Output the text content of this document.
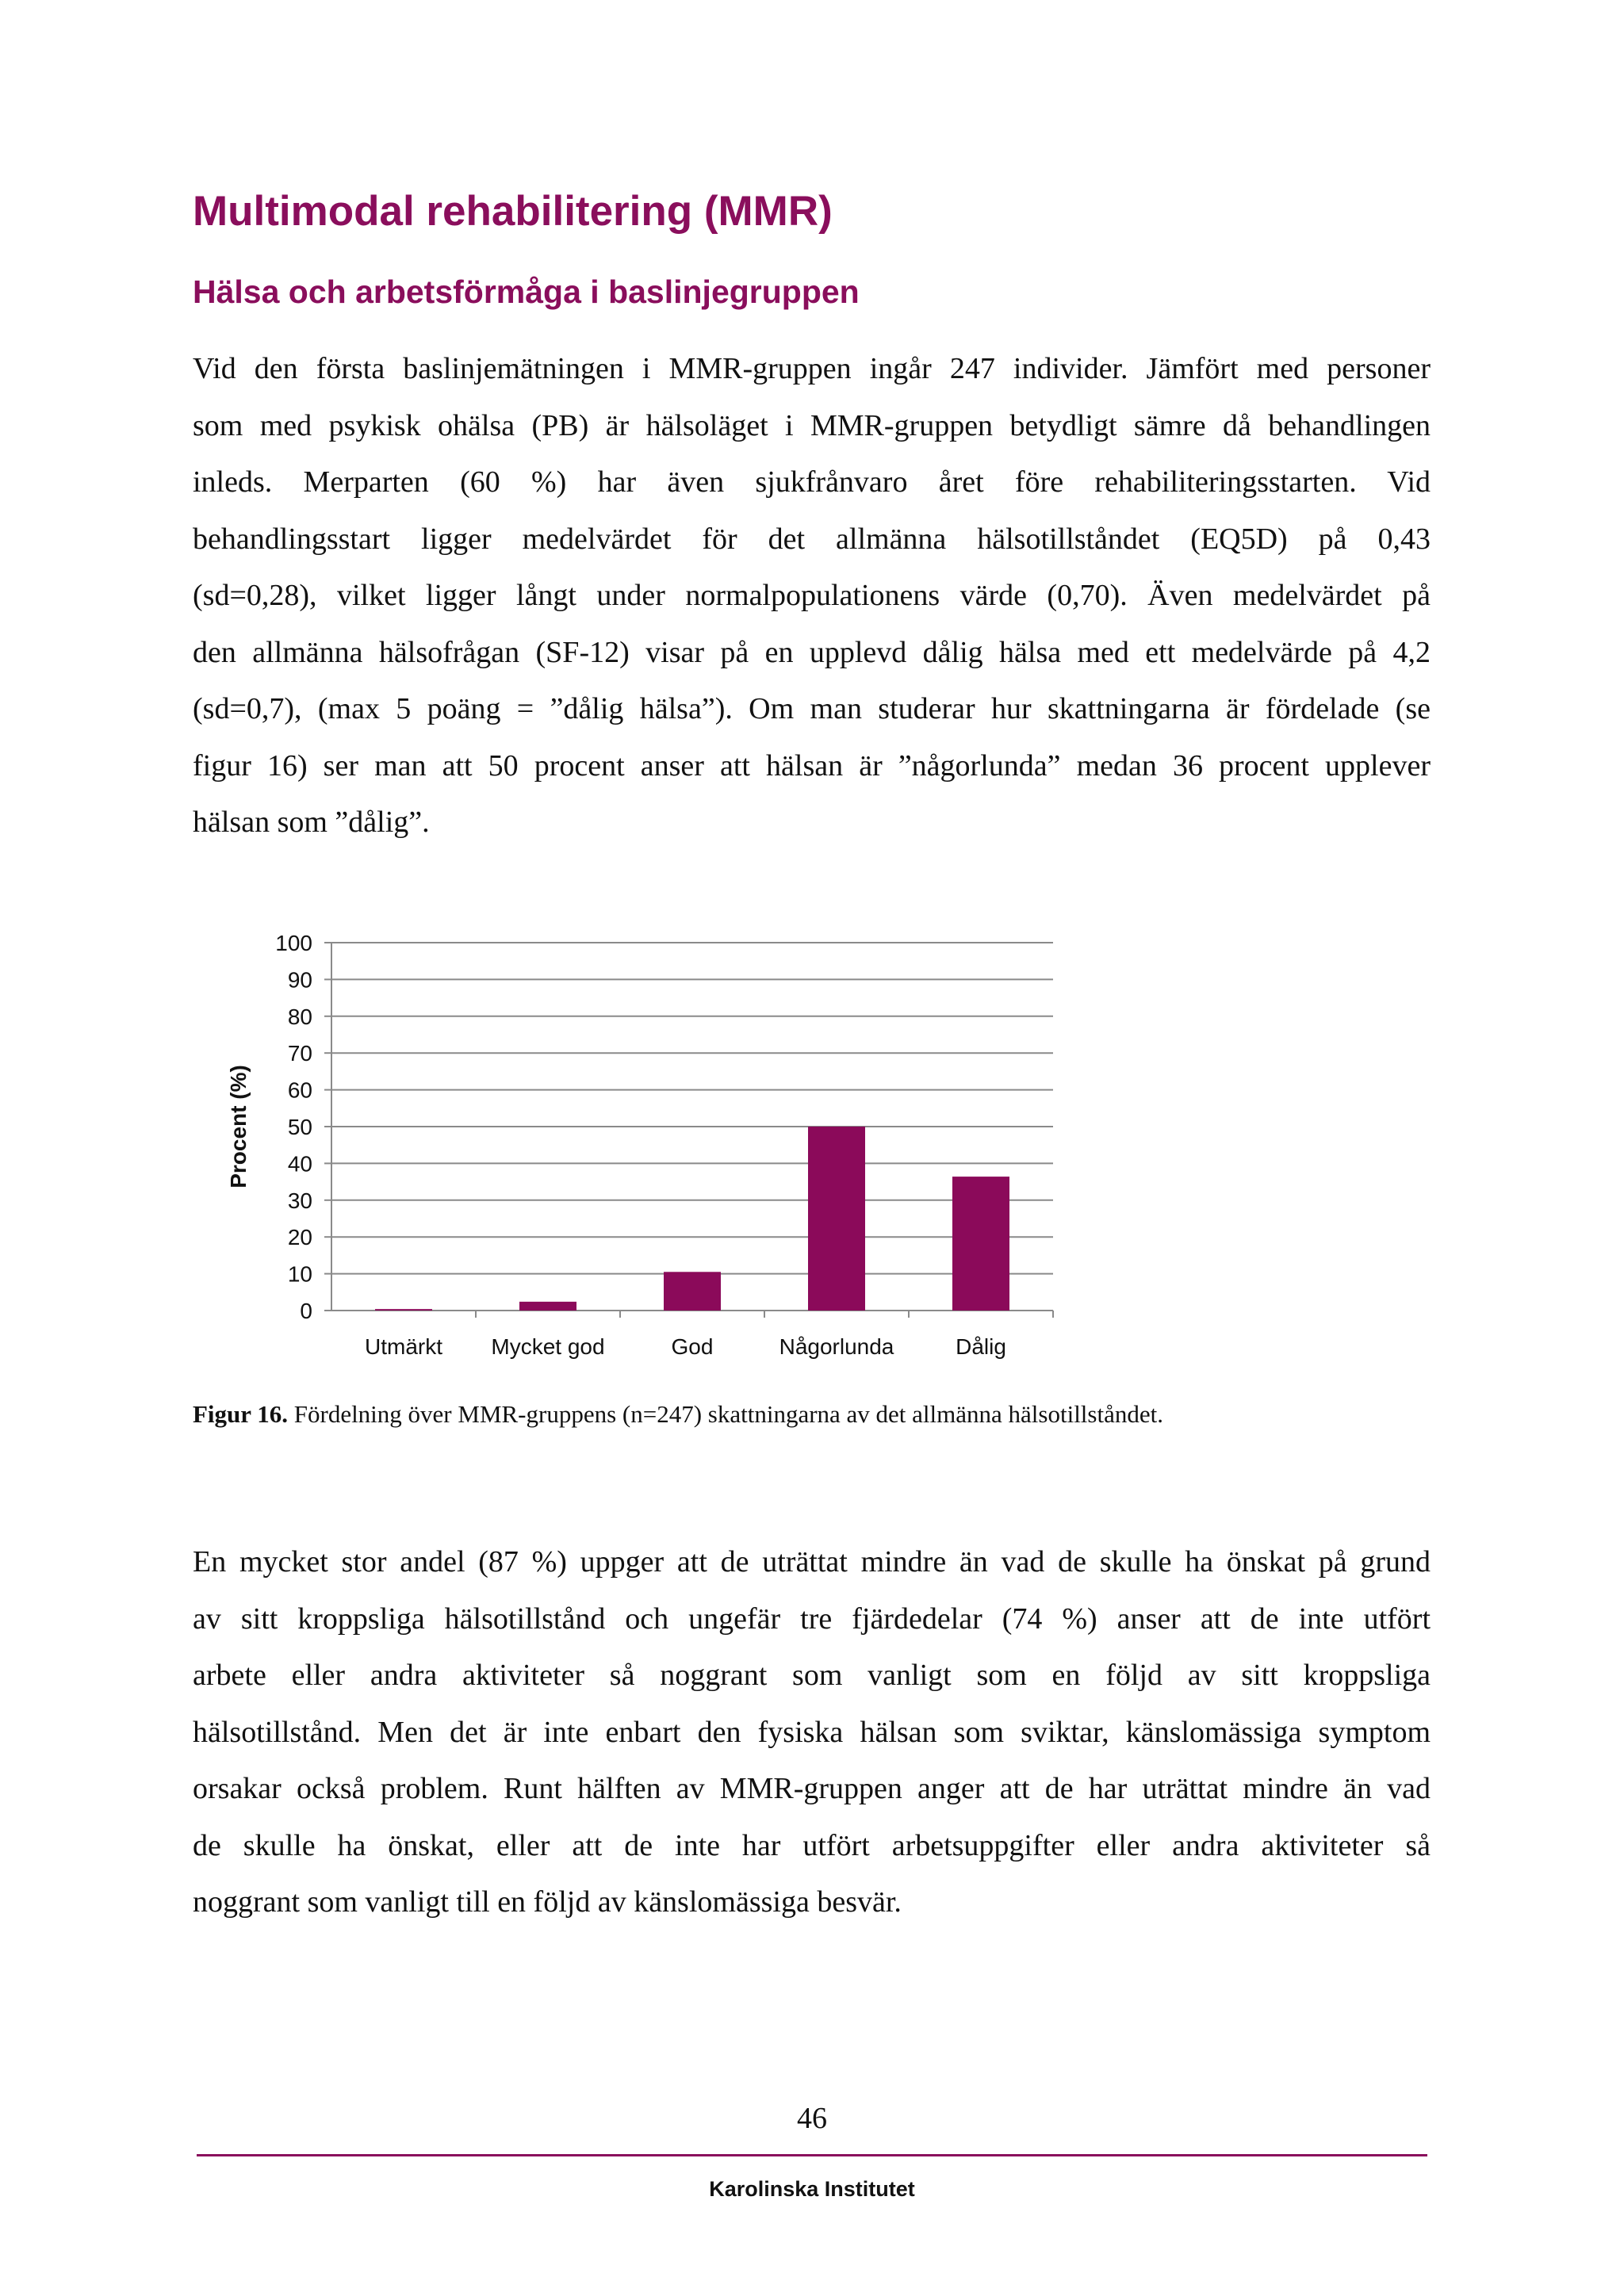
Multimodal rehabilitering (MMR)
Hälsa och arbetsförmåga i baslinjegruppen
Vid den första baslinjemätningen i MMR-gruppen ingår 247 individer. Jämfört med personer
som med psykisk ohälsa (PB) är hälsoläget i MMR-gruppen betydligt sämre då behandlingen
inleds. Merparten (60 %) har även sjukfrånvaro året före rehabiliteringsstarten. Vid
behandlingsstart ligger medelvärdet för det allmänna hälsotillståndet (EQ5D) på 0,43
(sd=0,28), vilket ligger långt under normalpopulationens värde (0,70). Även medelvärdet på
den allmänna hälsofrågan (SF-12) visar på en upplevd dålig hälsa med ett medelvärde på 4,2
(sd=0,7), (max 5 poäng = ”dålig hälsa”). Om man studerar hur skattningarna är fördelade (se
figur 16) ser man att 50 procent anser att hälsan är ”någorlunda” medan 36 procent upplever
hälsan som ”dålig”.
0
10
20
30
40
50
60
70
80
90
100
Utmärkt Mycket god	God	Någorlunda	Dålig
Procent (%)

Figur 16. Fördelning över MMR-gruppens (n=247) skattningarna av det allmänna hälsotillståndet.

En mycket stor andel (87 %) uppger att de uträttat mindre än vad de skulle ha önskat på grund
av sitt kroppsliga hälsotillstånd och ungefär tre fjärdedelar (74 %) anser att de inte utfört
arbete eller andra aktiviteter så noggrant som vanligt som en följd av sitt kroppsliga
hälsotillstånd. Men det är inte enbart den fysiska hälsan som sviktar, känslomässiga symptom
orsakar också problem. Runt hälften av MMR-gruppen anger att de har uträttat mindre än vad
de skulle ha önskat, eller att de inte har utfört arbetsuppgifter eller andra aktiviteter så
noggrant som vanligt till en följd av känslomässiga besvär.
46
Karolinska Institutet
